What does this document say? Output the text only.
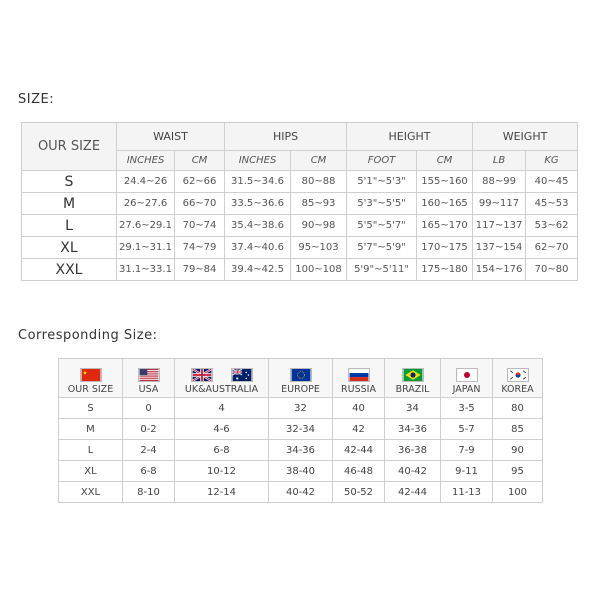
SIZE:
OUR SIZE	WAIST		HIPS		HEIGHT		WEIGHT	
	INCHES	CM	INCHES	CM	FOOT	CM	LB	KG
S	24.4~26	62~66	31.5~34.6	80~88	5'1"~5'3"	155~160	88~99	40~45
M	26~27.6	66~70	33.5~36.6	85~93	5'3"~5'5"	160~165	99~117	45~53
L	27.6~29.1	70~74	35.4~38.6	90~98	5'5"~5'7"	165~170	117~137	53~62
XL	29.1~31.1	74~79	37.4~40.6	95~103	5'7"~5'9"	170~175	137~154	62~70
XXL	31.1~33.1	79~84	39.4~42.5	100~108	5'9"~5'11"	175~180	154~176	70~80
Corresponding Size:
OUR SIZE	USA	UK&AUSTRALIA	EUROPE	RUSSIA	BRAZIL	JAPAN	KOREA
S	0	4	32	40	34	3-5	80
M	0-2	4-6	32-34	42	34-36	5-7	85
L	2-4	6-8	34-36	42-44	36-38	7-9	90
XL	6-8	10-12	38-40	46-48	40-42	9-11	95
XXL	8-10	12-14	40-42	50-52	42-44	11-13	100
